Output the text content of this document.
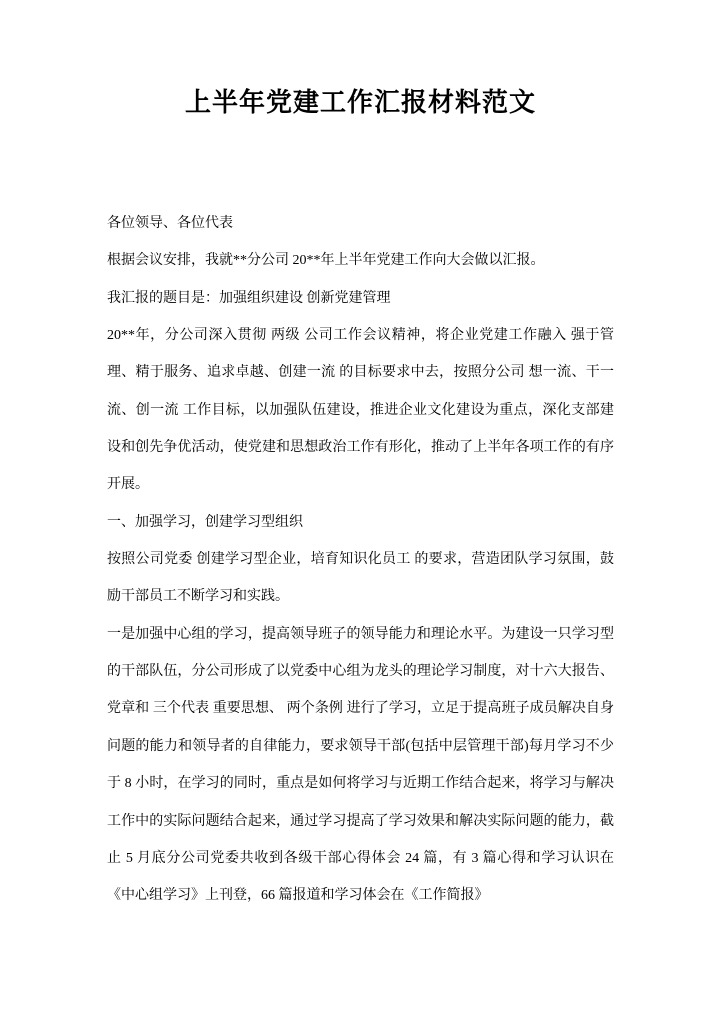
上半年党建工作汇报材料范文

各位领导、各位代表

根据会议安排，我就**分公司 20**年上半年党建工作向大会做以汇报。

我汇报的题目是：加强组织建设 创新党建管理

20**年，分公司深入贯彻 两级 公司工作会议精神，将企业党建工作融入 强于管理、精于服务、追求卓越、创建一流 的目标要求中去，按照分公司 想一流、干一流、创一流 工作目标，以加强队伍建设，推进企业文化建设为重点，深化支部建设和创先争优活动，使党建和思想政治工作有形化，推动了上半年各项工作的有序开展。

一、加强学习，创建学习型组织

按照公司党委 创建学习型企业，培育知识化员工 的要求，营造团队学习氛围，鼓励干部员工不断学习和实践。

一是加强中心组的学习，提高领导班子的领导能力和理论水平。为建设一只学习型的干部队伍，分公司形成了以党委中心组为龙头的理论学习制度，对十六大报告、党章和 三个代表 重要思想、 两个条例 进行了学习，立足于提高班子成员解决自身问题的能力和领导者的自律能力，要求领导干部(包括中层管理干部)每月学习不少于 8 小时，在学习的同时，重点是如何将学习与近期工作结合起来，将学习与解决工作中的实际问题结合起来，通过学习提高了学习效果和解决实际问题的能力，截止 5 月底分公司党委共收到各级干部心得体会 24 篇，有 3 篇心得和学习认识在《中心组学习》上刊登，66 篇报道和学习体会在《工作简报》
